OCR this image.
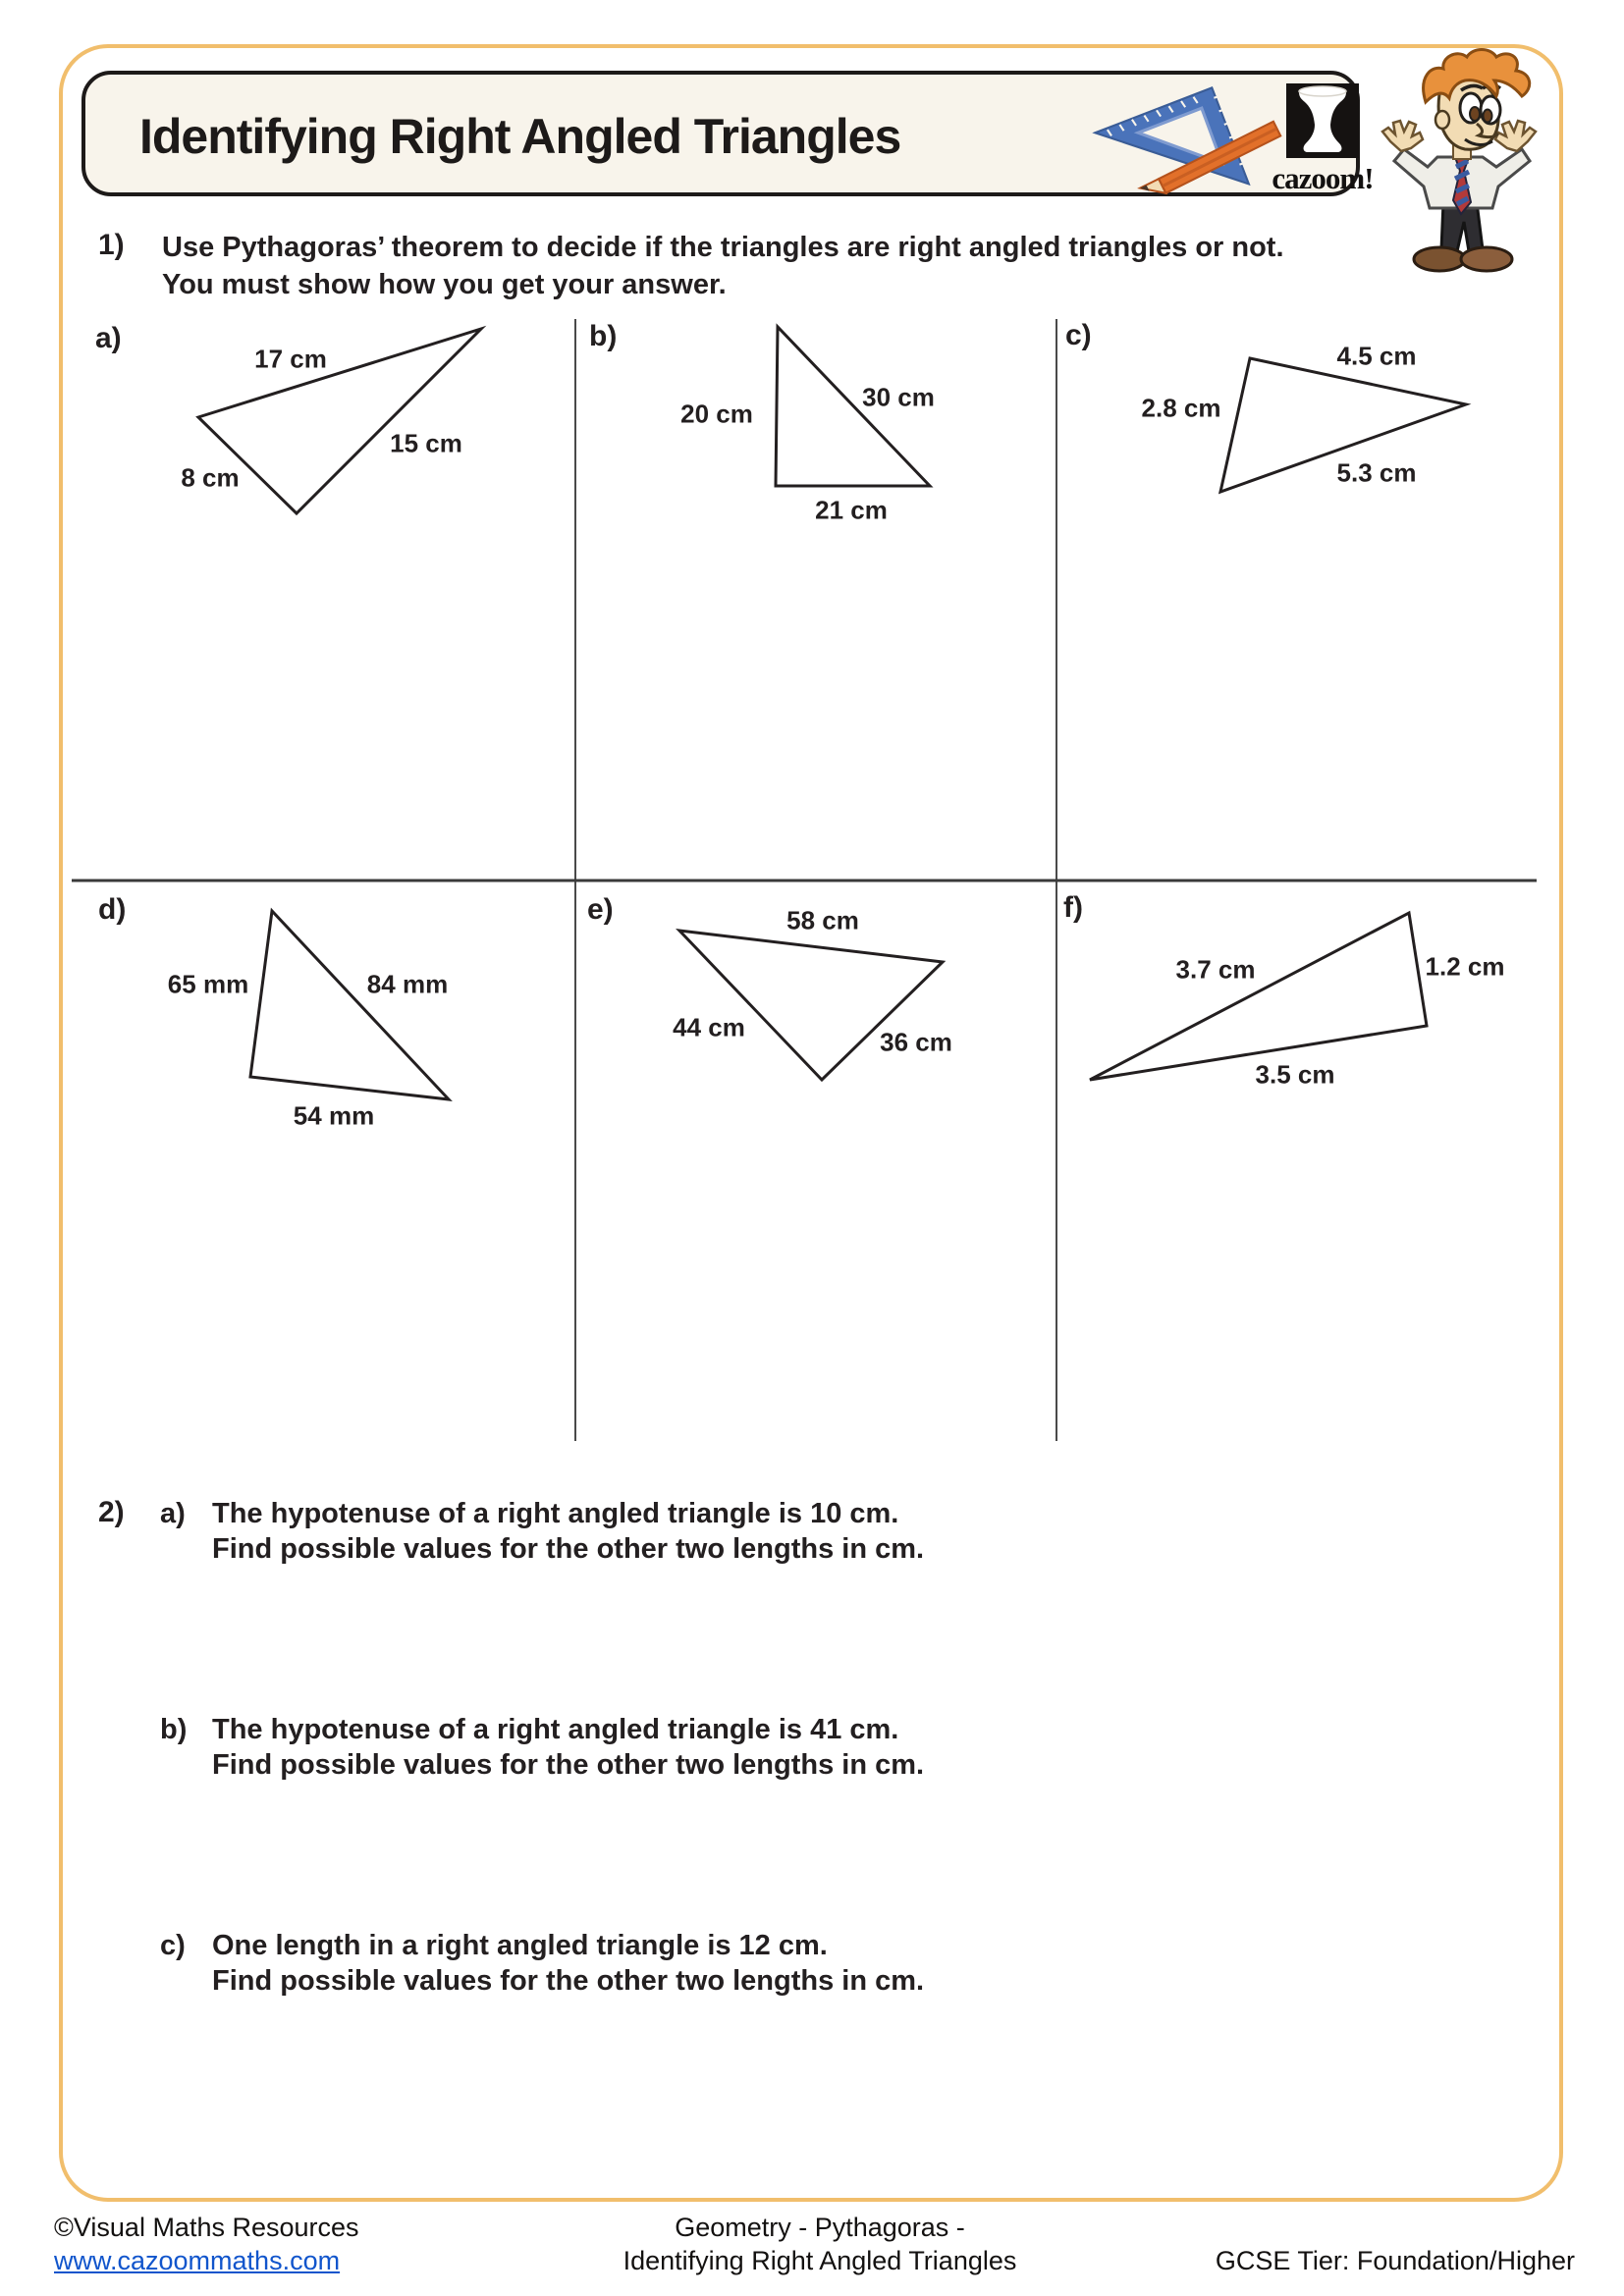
Identifying Right Angled Triangles
cazoom!
1) Use Pythagoras’ theorem to decide if the triangles are right angled triangles or not.
You must show how you get your answer.
a)	b)	c)
d)	e)	f)
17 cm
15 cm
8 cm
20 cm
30 cm
21 cm
4.5 cm
2.8 cm
5.3 cm
65 mm	84 mm
54 mm
58 cm
44 cm	36 cm
3.7 cm	1.2 cm
3.5 cm
2) a) The hypotenuse of a right angled triangle is 10 cm.
Find possible values for the other two lengths in cm.
b) The hypotenuse of a right angled triangle is 41 cm.
Find possible values for the other two lengths in cm.
c) One length in a right angled triangle is 12 cm.
Find possible values for the other two lengths in cm.
©Visual Maths Resources
www.cazoommaths.com
Geometry - Pythagoras -
Identifying Right Angled Triangles	GCSE Tier: Foundation/Higher
